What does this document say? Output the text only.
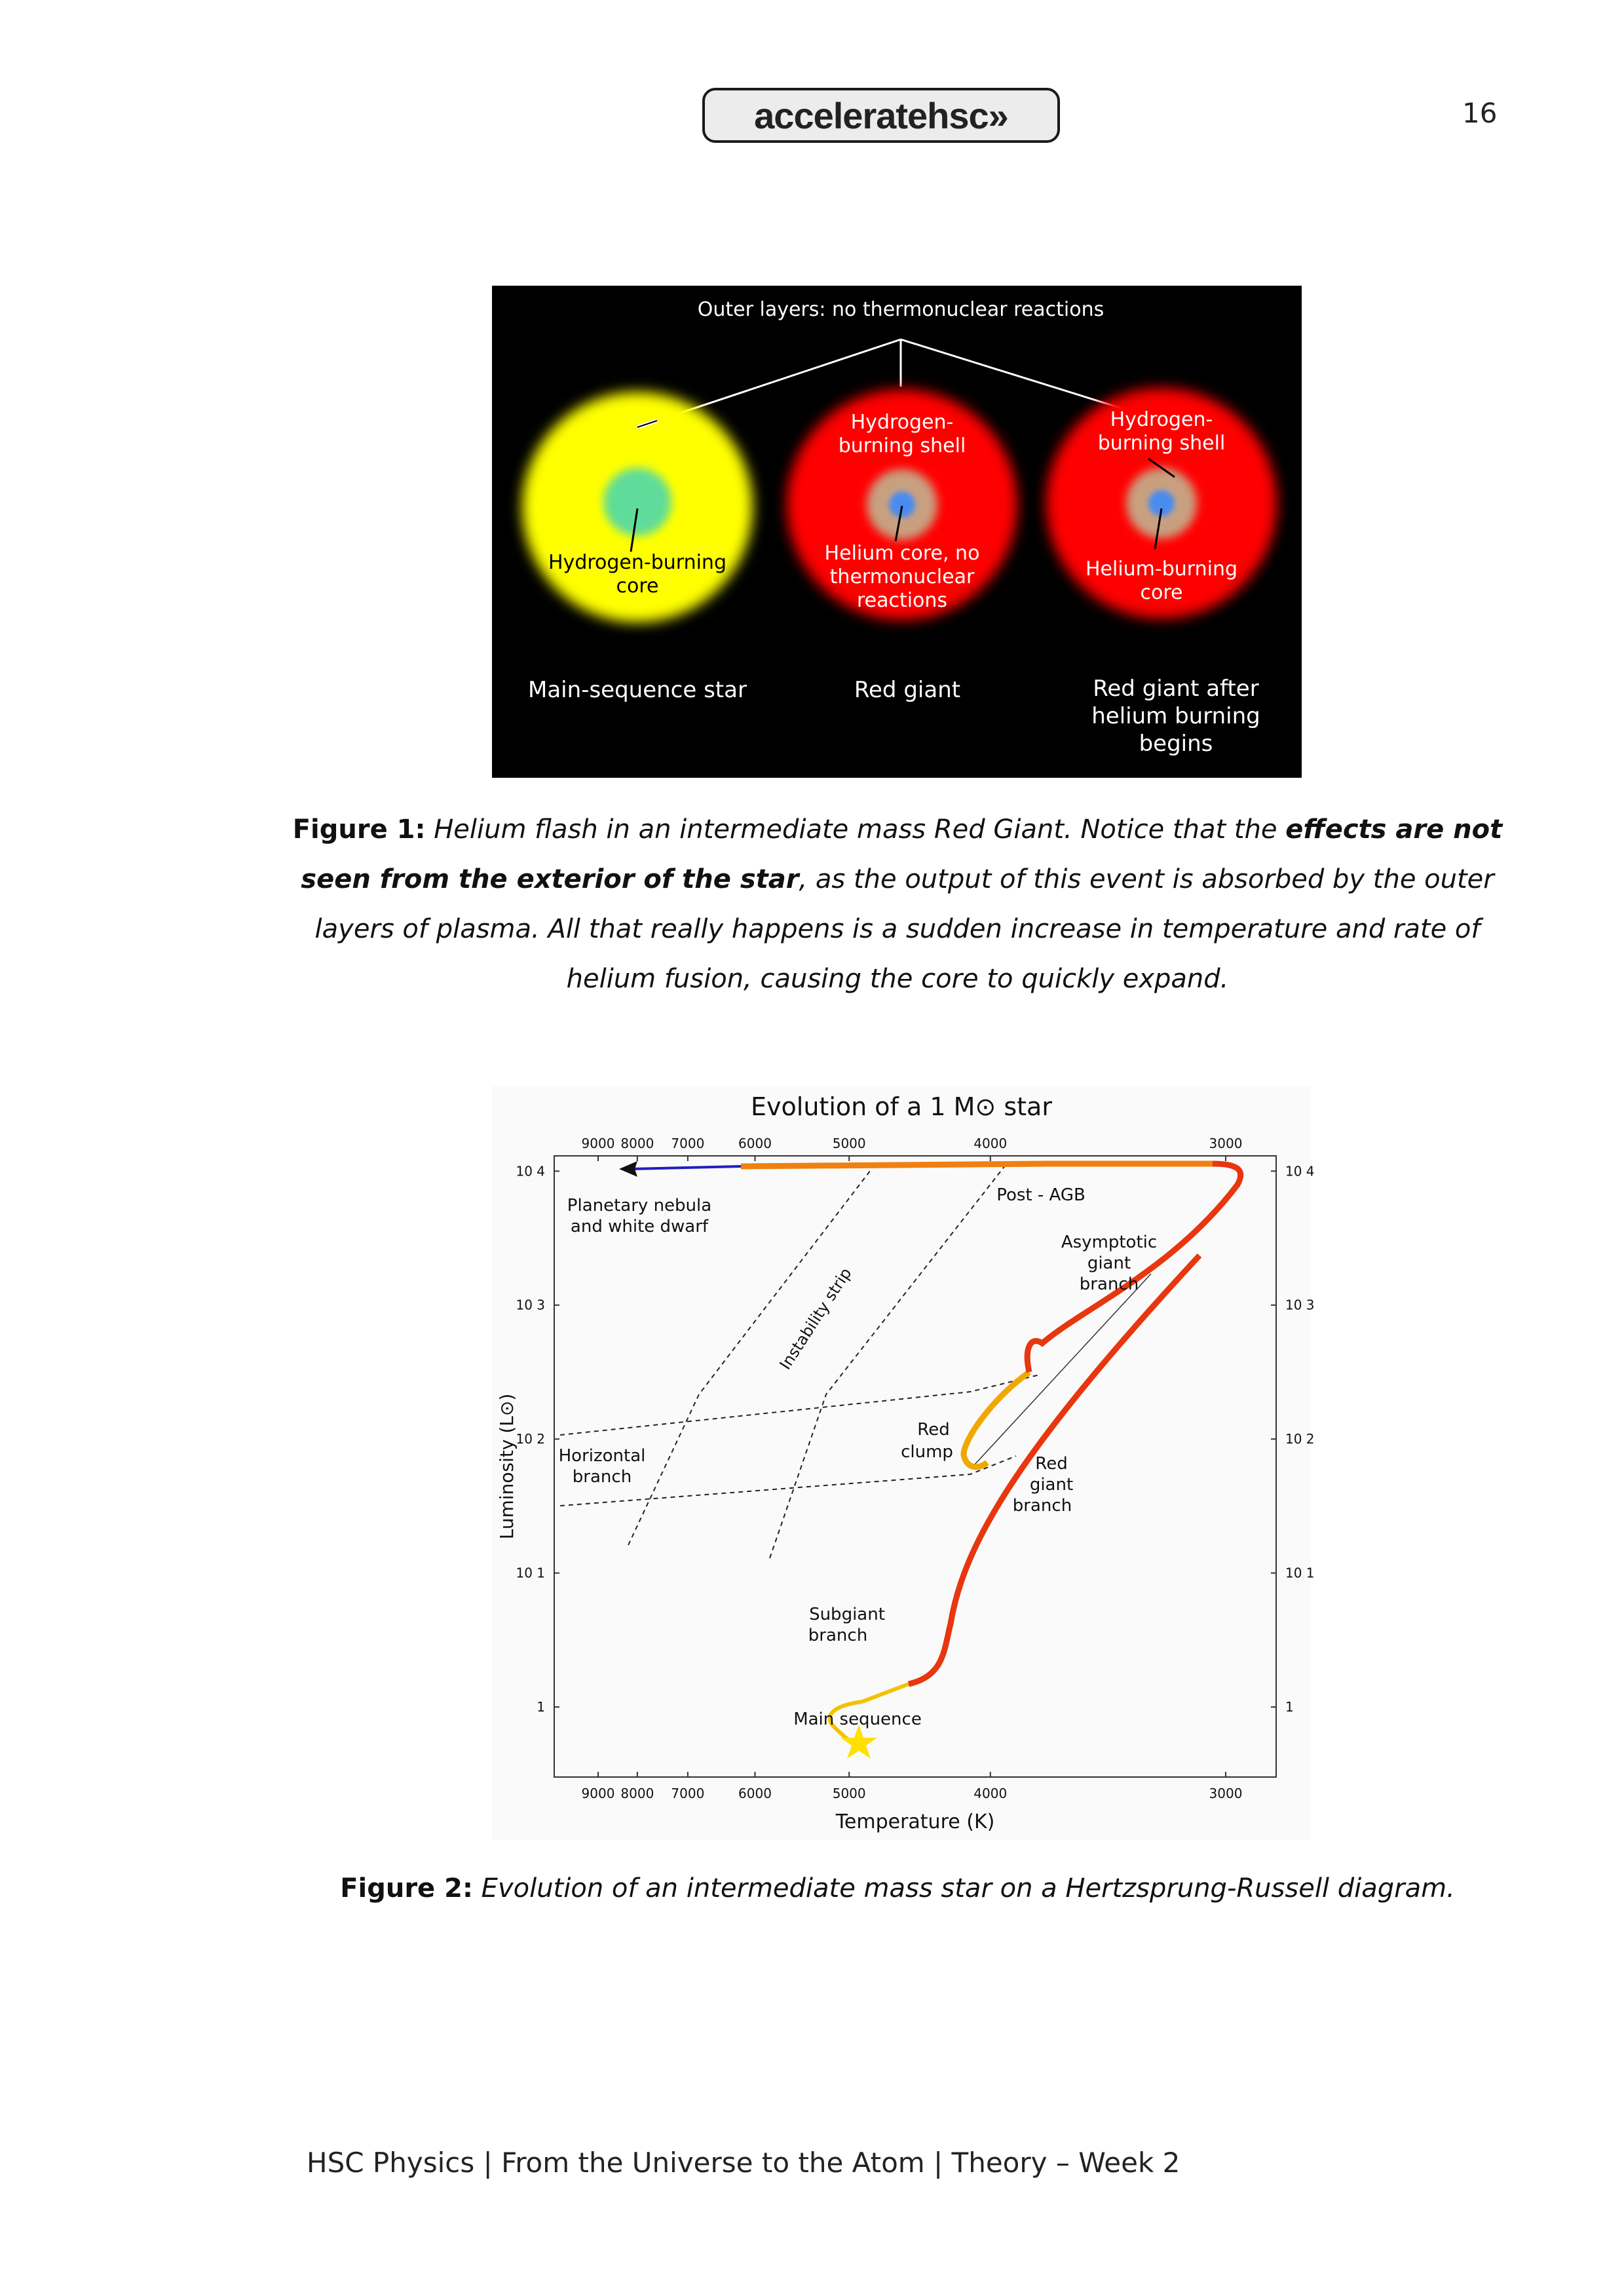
acceleratehsc »	16
Outer layers: no thermonuclear reactions
Hydrogen-burning
core
Main-sequence star
Hydrogen-
burning shell
Helium core, no
thermonuclear
reactions
Red giant
Hydrogen-
burning shell
Helium-burning
core
Red giant after
helium burning
begins
Figure 1: Helium flash in an intermediate mass Red Giant. Notice that the effects are not seen from the exterior of the star, as the output of this event is absorbed by the outer layers of plasma. All that really happens is a sudden increase in temperature and rate of helium fusion, causing the core to quickly expand.
Evolution of a 1 M⊙ star
9000
9000
8000
8000
7000
7000
6000
6000
5000
5000
4000
4000
3000
3000
10 4	10 4
10 3	10 3
10 2	10 2
10 1	10 1
1	1
Luminosity (L⊙)
Temperature (K)
Instability strip
Horizontal
branch
Planetary nebula
and white dwarf
Post - AGB
Asymptotic
giant
branch
Red
clump
Red
giant
branch
Subgiant
branch
Main sequence
Figure 2: Evolution of an intermediate mass star on a Hertzsprung-Russell diagram.
HSC Physics | From the Universe to the Atom | Theory – Week 2
